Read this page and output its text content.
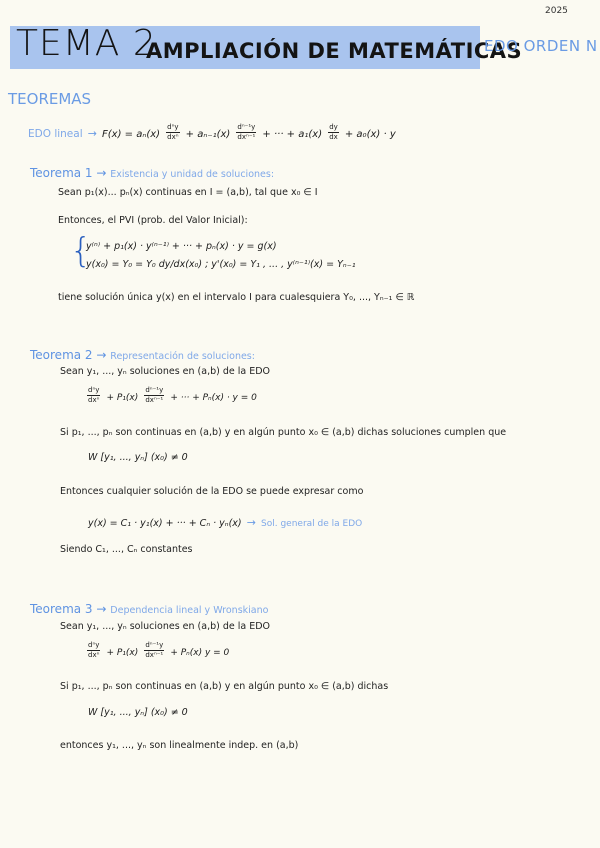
2025
TEMA 2
AMPLIACIÓN DE MATEMÁTICAS
EDO ORDEN N
TEOREMAS
EDO lineal → $F(x) = a_n(x) \frac{\text{dⁿy}}{\text{dxⁿ}} + a_{n-1}(x) \frac{\text{dⁿ⁻¹y}}{\text{dxⁿ⁻¹}}$ + ··· + $a_1(x) \frac{dy}{dx} + a_0(x) \cdot y$
Teorema 1 → Existencia y unidad de soluciones:
Sean p₁(x)... pₙ(x) continuas en I = (a,b), tal que x₀ ∈ I
Entonces, el PVI (prob. del Valor Inicial):
{
y⁽ⁿ⁾ + p₁(x) · y⁽ⁿ⁻¹⁾ + ··· + pₙ(x) · y = g(x)
y(x₀) = Y₀ = Y₀ dy/dx(x₀) ; y'(x₀) = Y₁ , ... , y⁽ⁿ⁻¹⁾(x) = Yₙ₋₁
tiene solución única y(x) en el intervalo I para cualesquiera Y₀, ..., Yₙ₋₁ ∈ ℝ
Teorema 2 → Representación de soluciones:
Sean y₁, ..., yₙ soluciones en (a,b) de la EDO
$\frac{\text{dⁿy}}{\text{dxⁿ}} + P_1(x) \frac{\text{dⁿ⁻¹y}}{\text{dxⁿ⁻¹}}$ + ··· + Pₙ(x) · y = 0
Si p₁, ..., pₙ son continuas en (a,b) y en algún punto x₀ ∈ (a,b) dichas soluciones cumplen que
W [y₁, ..., yₙ] (x₀) ≠ 0
Entonces cualquier solución de la EDO se puede expresar como
y(x) = C₁ · y₁(x) + ··· + Cₙ · yₙ(x) → Sol. general de la EDO
Siendo C₁, ..., Cₙ constantes
Teorema 3 → Dependencia lineal y Wronskiano
Sean y₁, ..., yₙ soluciones en (a,b) de la EDO
$\frac{\text{dⁿy}}{\text{dxⁿ}} + P_1(x) \frac{\text{dⁿ⁻¹y}}{\text{dxⁿ⁻¹}} + P_n(x) y = 0$
Si p₁, ..., pₙ son continuas en (a,b) y en algún punto x₀ ∈ (a,b) dichas
W [y₁, ..., yₙ] (x₀) ≠ 0
entonces y₁, ..., yₙ son linealmente indep. en (a,b)
